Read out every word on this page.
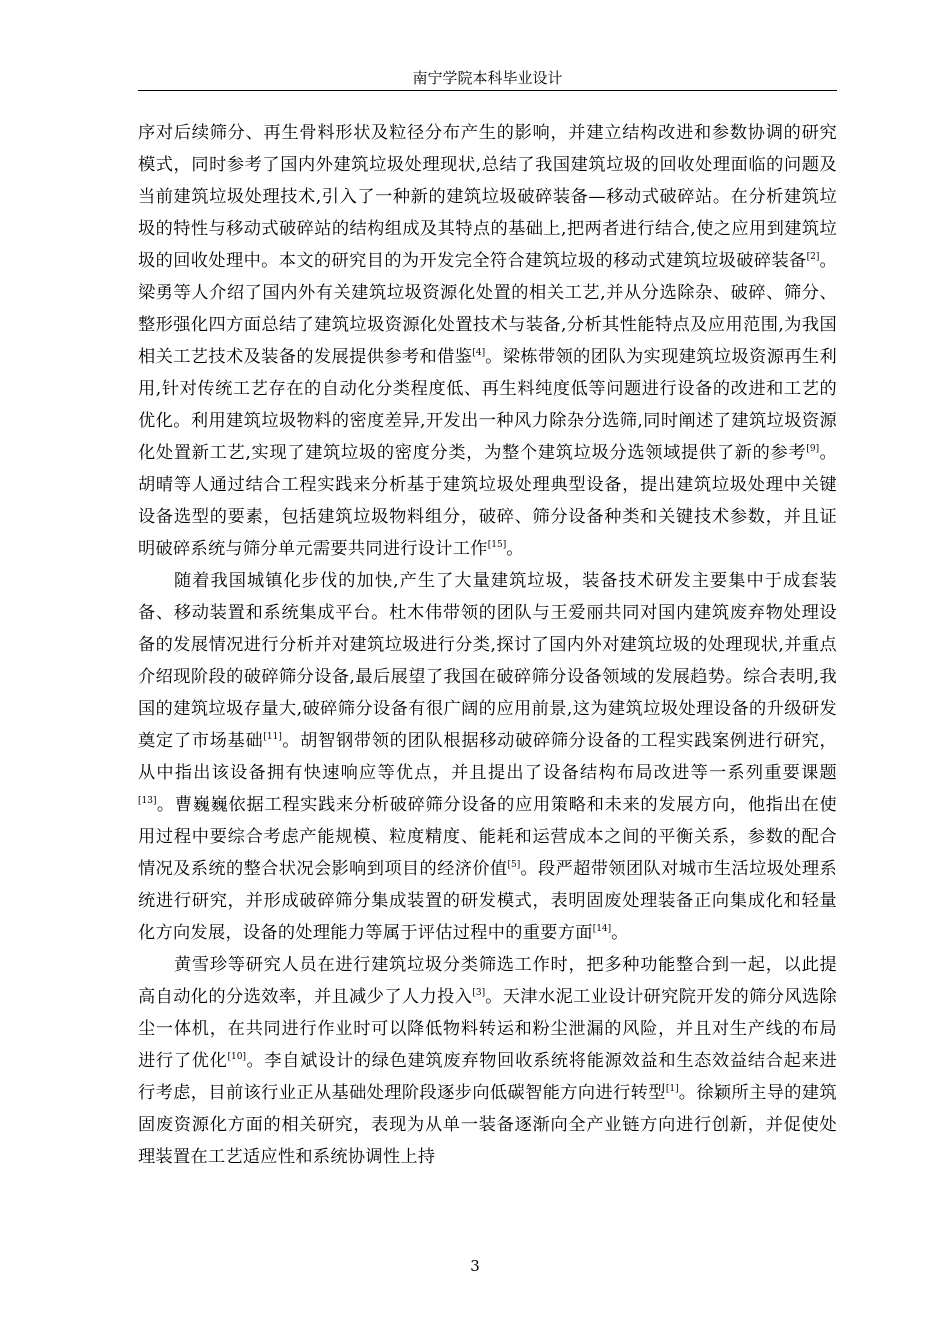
南宁学院本科毕业设计

序对后续筛分、再生骨料形状及粒径分布产生的影响，并建立结构改进和参数协调的研究模式，同时参考了国内外建筑垃圾处理现状,总结了我国建筑垃圾的回收处理面临的问题及当前建筑垃圾处理技术,引入了一种新的建筑垃圾破碎装备—移动式破碎站。在分析建筑垃圾的特性与移动式破碎站的结构组成及其特点的基础上,把两者进行结合,使之应用到建筑垃圾的回收处理中。本文的研究目的为开发完全符合建筑垃圾的移动式建筑垃圾破碎装备[2]。梁勇等人介绍了国内外有关建筑垃圾资源化处置的相关工艺,并从分选除杂、破碎、筛分、整形强化四方面总结了建筑垃圾资源化处置技术与装备,分析其性能特点及应用范围,为我国相关工艺技术及装备的发展提供参考和借鉴[4]。梁栋带领的团队为实现建筑垃圾资源再生利用,针对传统工艺存在的自动化分类程度低、再生料纯度低等问题进行设备的改进和工艺的优化。利用建筑垃圾物料的密度差异,开发出一种风力除杂分选筛,同时阐述了建筑垃圾资源化处置新工艺,实现了建筑垃圾的密度分类，为整个建筑垃圾分选领域提供了新的参考[9]。胡晴等人通过结合工程实践来分析基于建筑垃圾处理典型设备，提出建筑垃圾处理中关键设备选型的要素，包括建筑垃圾物料组分，破碎、筛分设备种类和关键技术参数，并且证明破碎系统与筛分单元需要共同进行设计工作[15]。

随着我国城镇化步伐的加快,产生了大量建筑垃圾，装备技术研发主要集中于成套装备、移动装置和系统集成平台。杜木伟带领的团队与王爱丽共同对国内建筑废弃物处理设备的发展情况进行分析并对建筑垃圾进行分类,探讨了国内外对建筑垃圾的处理现状,并重点介绍现阶段的破碎筛分设备,最后展望了我国在破碎筛分设备领域的发展趋势。综合表明,我国的建筑垃圾存量大,破碎筛分设备有很广阔的应用前景,这为建筑垃圾处理设备的升级研发奠定了市场基础[11]。胡智钢带领的团队根据移动破碎筛分设备的工程实践案例进行研究，从中指出该设备拥有快速响应等优点，并且提出了设备结构布局改进等一系列重要课题[13]。曹巍巍依据工程实践来分析破碎筛分设备的应用策略和未来的发展方向，他指出在使用过程中要综合考虑产能规模、粒度精度、能耗和运营成本之间的平衡关系，参数的配合情况及系统的整合状况会影响到项目的经济价值[5]。段严超带领团队对城市生活垃圾处理系统进行研究，并形成破碎筛分集成装置的研发模式，表明固废处理装备正向集成化和轻量化方向发展，设备的处理能力等属于评估过程中的重要方面[14]。

黄雪珍等研究人员在进行建筑垃圾分类筛选工作时，把多种功能整合到一起，以此提高自动化的分选效率，并且减少了人力投入[3]。天津水泥工业设计研究院开发的筛分风选除尘一体机，在共同进行作业时可以降低物料转运和粉尘泄漏的风险，并且对生产线的布局进行了优化[10]。李自斌设计的绿色建筑废弃物回收系统将能源效益和生态效益结合起来进行考虑，目前该行业正从基础处理阶段逐步向低碳智能方向进行转型[1]。徐颖所主导的建筑固废资源化方面的相关研究，表现为从单一装备逐渐向全产业链方向进行创新，并促使处理装置在工艺适应性和系统协调性上持

3
